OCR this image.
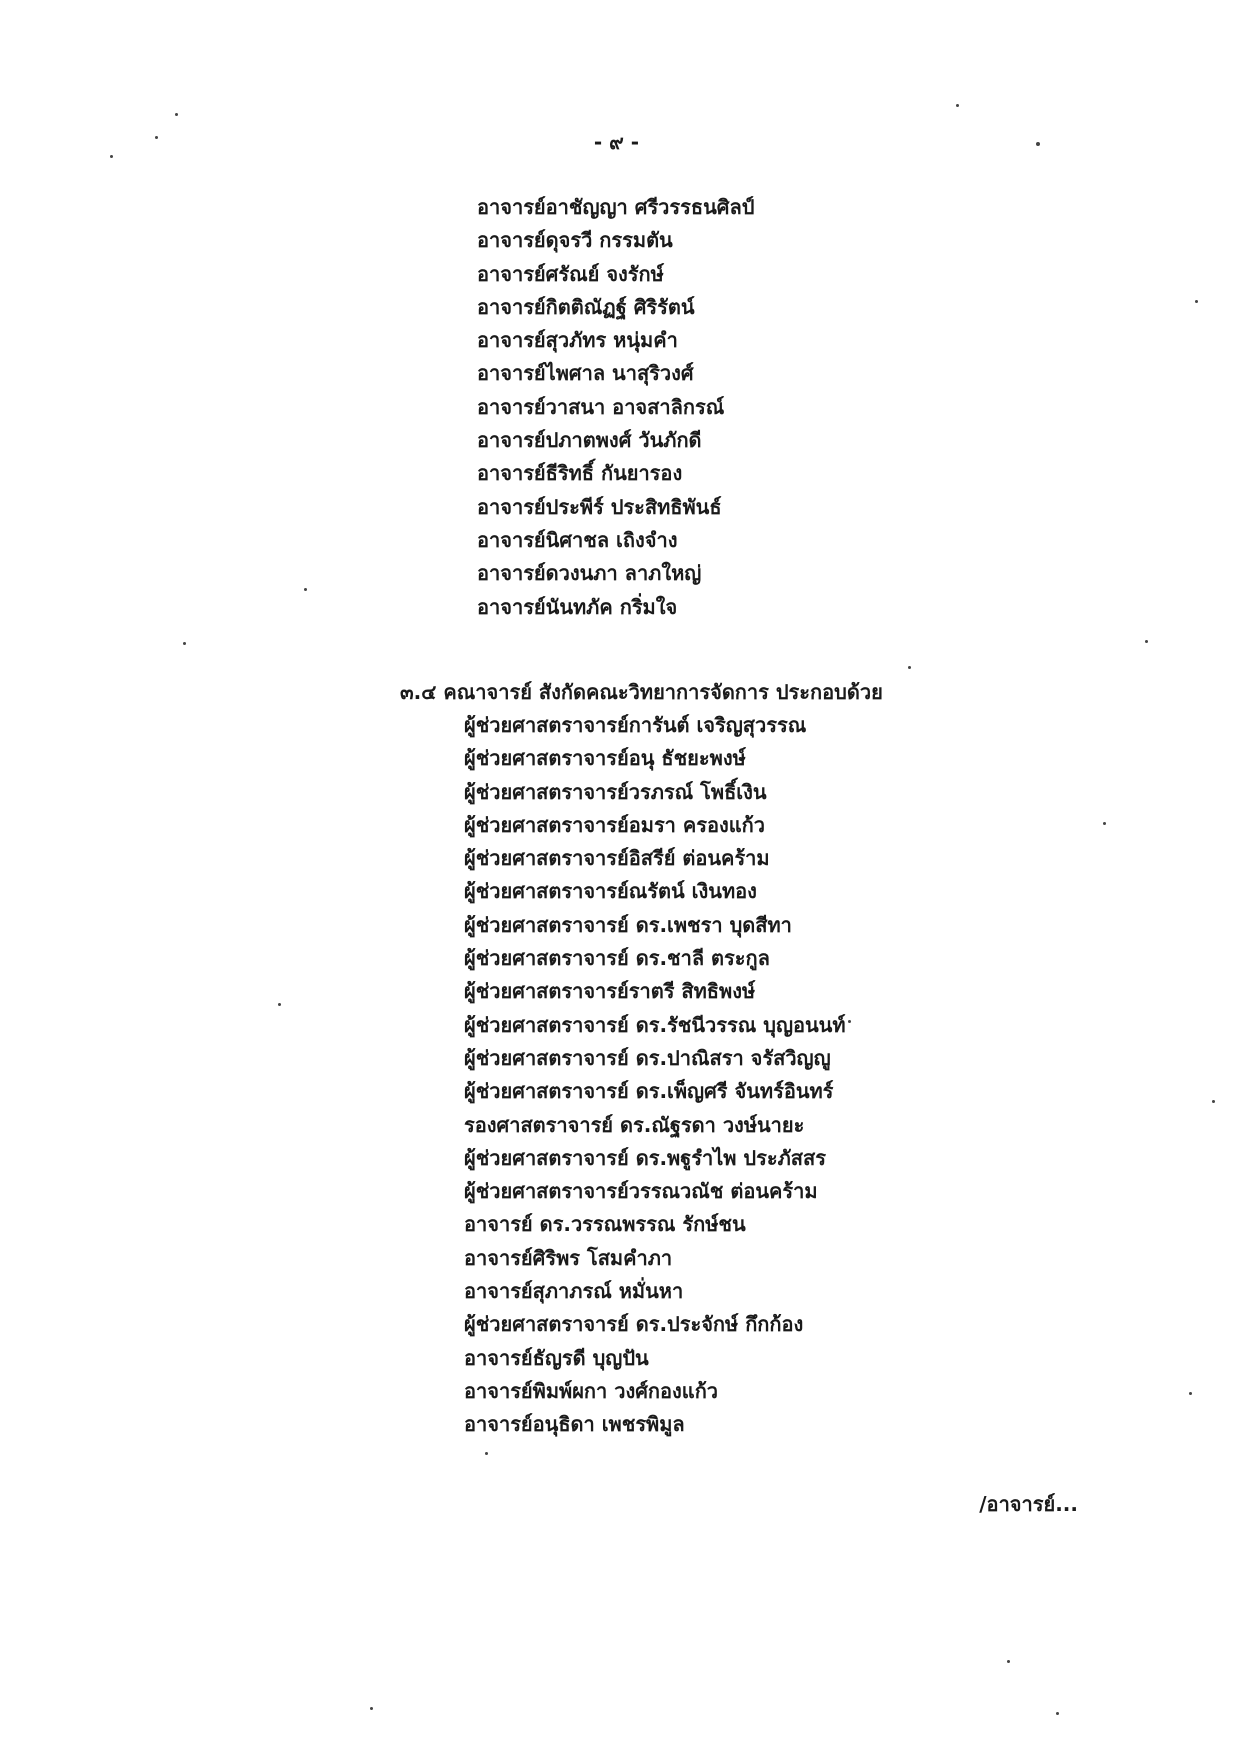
- ๙ -
อาจารย์อาชัญญา ศรีวรรธนศิลป์
อาจารย์ดุจรวี กรรมตัน
อาจารย์ศรัณย์ จงรักษ์
อาจารย์กิตติณัฏฐ์ ศิริรัตน์
อาจารย์สุวภัทร หนุ่มคำ
อาจารย์ไพศาล นาสุริวงศ์
อาจารย์วาสนา อาจสาลิกรณ์
อาจารย์ปภาตพงศ์ วันภักดี
อาจารย์ธีริทธิ์ กันยารอง
อาจารย์ประพีร์ ประสิทธิพันธ์
อาจารย์นิศาชล เถิงจำง
อาจารย์ดวงนภา ลาภใหญ่
อาจารย์นันทภัค กริ่มใจ
๓.๔ คณาจารย์ สังกัดคณะวิทยาการจัดการ ประกอบด้วย
ผู้ช่วยศาสตราจารย์การันต์ เจริญสุวรรณ
ผู้ช่วยศาสตราจารย์อนุ ธัชยะพงษ์
ผู้ช่วยศาสตราจารย์วรภรณ์ โพธิ์เงิน
ผู้ช่วยศาสตราจารย์อมรา ครองแก้ว
ผู้ช่วยศาสตราจารย์อิสรีย์ ต่อนคร้าม
ผู้ช่วยศาสตราจารย์ณรัตน์ เงินทอง
ผู้ช่วยศาสตราจารย์ ดร.เพชรา บุดสีทา
ผู้ช่วยศาสตราจารย์ ดร.ชาลี ตระกูล
ผู้ช่วยศาสตราจารย์ราตรี สิทธิพงษ์
ผู้ช่วยศาสตราจารย์ ดร.รัชนีวรรณ บุญอนนท์
ผู้ช่วยศาสตราจารย์ ดร.ปาณิสรา จรัสวิญญู
ผู้ช่วยศาสตราจารย์ ดร.เพ็ญศรี จันทร์อินทร์
รองศาสตราจารย์ ดร.ณัฐรดา วงษ์นายะ
ผู้ช่วยศาสตราจารย์ ดร.พฐูรำไพ ประภัสสร
ผู้ช่วยศาสตราจารย์วรรณวณัช ต่อนคร้าม
อาจารย์ ดร.วรรณพรรณ รักษ์ชน
อาจารย์ศิริพร โสมคำภา
อาจารย์สุภาภรณ์ หมั่นหา
ผู้ช่วยศาสตราจารย์ ดร.ประจักษ์ กึกก้อง
อาจารย์ธัญรดี บุญปัน
อาจารย์พิมพ์ผกา วงศ์กองแก้ว
อาจารย์อนุธิดา เพชรพิมูล
/อาจารย์...
